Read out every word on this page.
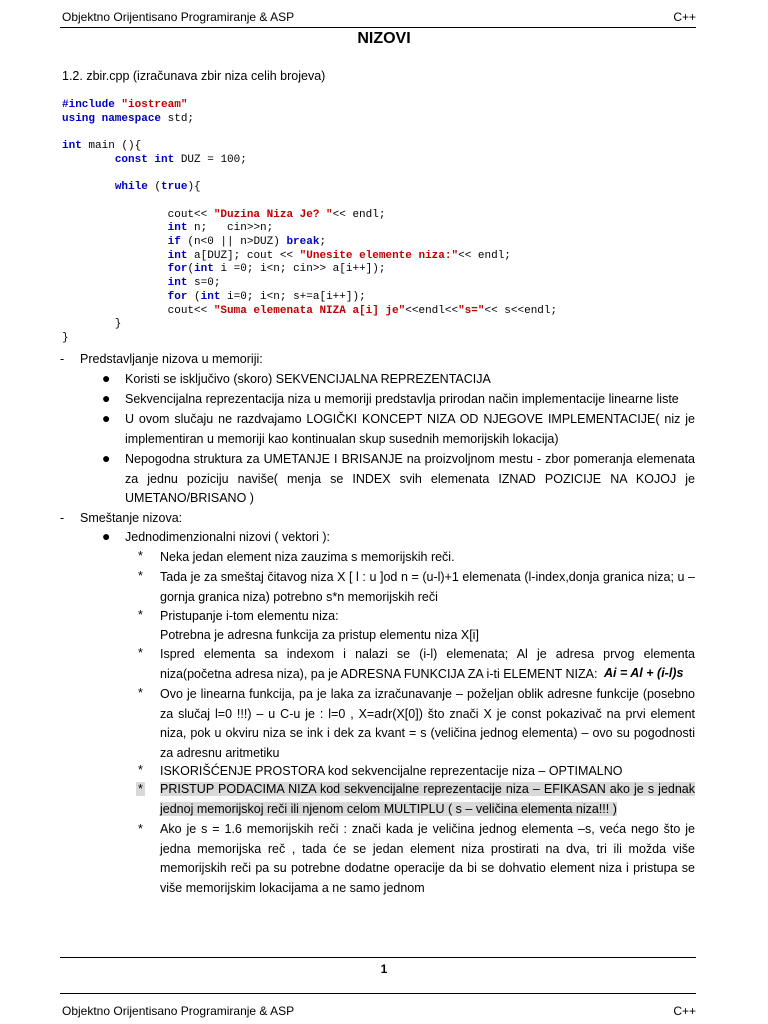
Objektno Orijentisano Programiranje & ASP	C++
NIZOVI
1.2. zbir.cpp (izračunava zbir niza celih brojeva)
#include "iostream"
using namespace std;

int main (){
const int DUZ = 100;

while (true){

cout<< "Duzina Niza Je? "<< endl;
int n;   cin>>n;
if (n<0 || n>DUZ) break;
int a[DUZ]; cout << "Unesite elemente niza:"<< endl;
for(int i =0; i<n; cin>> a[i++]);
int s=0;
for (int i=0; i<n; s+=a[i++]);
cout<< "Suma elemenata NIZA a[i] je"<<endl<<"s="<< s<<endl;
}
}
- Predstavljanje nizova u memoriji:
● Koristi se isključivo (skoro) SEKVENCIJALNA REPREZENTACIJA
● Sekvencijalna reprezentacija niza u memoriji predstavlja prirodan način implementacije linearne liste
● U ovom slučaju ne razdvajamo LOGIČKI KONCEPT NIZA OD NJEGOVE IMPLEMENTACIJE( niz je implementiran u memoriji kao kontinualan skup susednih memorijskih lokacija)
● Nepogodna struktura za UMETANJE I BRISANJE na proizvoljnom mestu - zbor pomeranja elemenata za jednu poziciju naviše( menja se INDEX svih elemenata IZNAD POZICIJE NA KOJOJ je UMETANO/BRISANO )
- Smeštanje nizova:
● Jednodimenzionalni nizovi ( vektori ):
* Neka jedan element niza zauzima s memorijskih reči.
* Tada je za smeštaj čitavog niza X [ l : u ]od n = (u-l)+1 elemenata (l-index,donja granica niza; u – gornja granica niza) potrebno s*n memorijskih reči
* Pristupanje i-tom elementu niza:
Potrebna je adresna funkcija za pristup elementu niza X[i]
* Ispred elementa sa indexom i nalazi se (i-l) elemenata; Al je adresa prvog elementa niza(početna adresa niza), pa je ADRESNA FUNKCIJA ZA i-ti ELEMENT NIZA: Ai = Al + (i-l)s
* Ovo je linearna funkcija, pa je laka za izračunavanje – poželjan oblik adresne funkcije (posebno za slučaj l=0 !!!) – u C-u je : l=0 , X=adr(X[0]) što znači X je const pokazivač na prvi element niza, pok u okviru niza se ink i dek za kvant = s (veličina jednog elementa) – ovo su pogodnosti za adresnu aritmetiku
* ISKORIŠĆENJE PROSTORA kod sekvencijalne reprezentacije niza – OPTIMALNO
* PRISTUP PODACIMA NIZA kod sekvencijalne reprezentacije niza – EFIKASAN ako je s jednak jednoj memorijskoj reči ili njenom celom MULTIPLU ( s – veličina elementa niza!!! )
* Ako je s = 1.6 memorijskih reči : znači kada je veličina jednog elementa –s, veća nego što je jedna memorijska reč , tada će se jedan element niza prostirati na dva, tri ili možda više memorijskih reči pa su potrebne dodatne operacije da bi se dohvatio element niza i pristupa se više memorijskim lokacijama a ne samo jednom
1
Objektno Orijentisano Programiranje & ASP	C++
